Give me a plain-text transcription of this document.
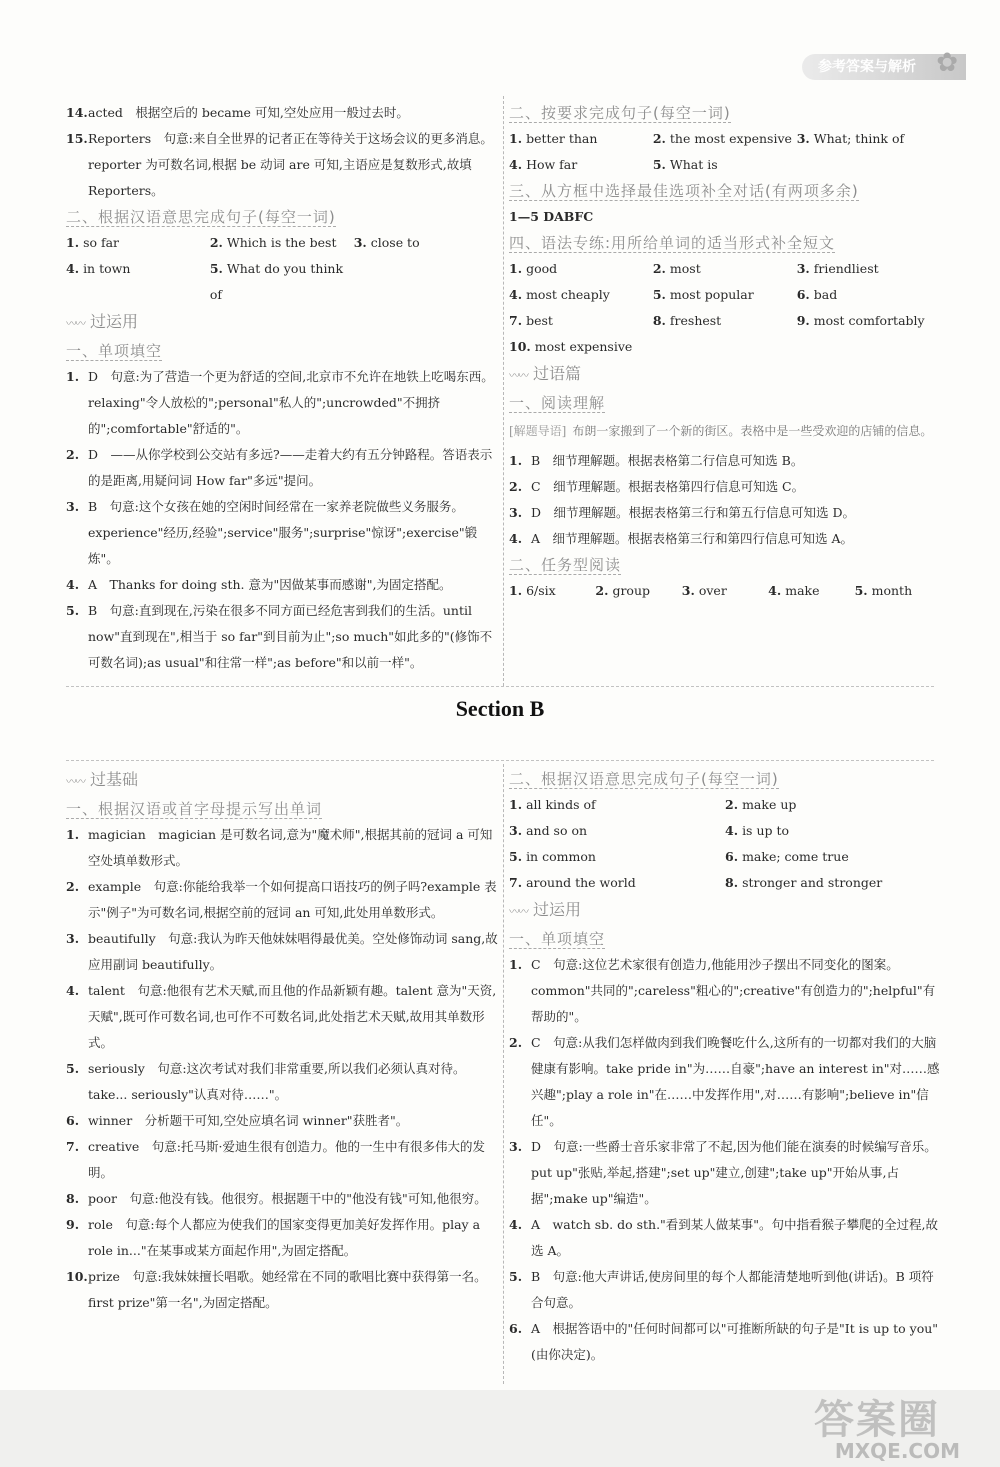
参考答案与解析 ✿
14. acted　根据空后的 became 可知,空处应用一般过去时。
15. Reporters　句意:来自全世界的记者正在等待关于这场会议的更多消息。reporter 为可数名词,根据 be 动词 are 可知,主语应是复数形式,故填 Reporters。
二、根据汉语意思完成句子(每空一词)
1. so far	2. Which is the best	3. close to
4. in town	5. What do you think of
〰〰 过运用
一、单项填空
1. D　句意:为了营造一个更为舒适的空间,北京市不允许在地铁上吃喝东西。relaxing"令人放松的";personal"私人的";uncrowded"不拥挤的";comfortable"舒适的"。
2. D　——从你学校到公交站有多远?——走着大约有五分钟路程。答语表示的是距离,用疑问词 How far"多远"提问。
3. B　句意:这个女孩在她的空闲时间经常在一家养老院做些义务服务。experience"经历,经验";service"服务";surprise"惊讶";exercise"锻炼"。
4. A　Thanks for doing sth. 意为"因做某事而感谢",为固定搭配。
5. B　句意:直到现在,污染在很多不同方面已经危害到我们的生活。until now"直到现在",相当于 so far"到目前为止";so much"如此多的"(修饰不可数名词);as usual"和往常一样";as before"和以前一样"。
二、按要求完成句子(每空一词)
1. better than	2. the most expensive 3. What; think of
4. How far	5. What is
三、从方框中选择最佳选项补全对话(有两项多余)
1—5 DABFC
四、语法专练:用所给单词的适当形式补全短文
1. good	2. most	3. friendliest
4. most cheaply	5. most popular	6. bad
7. best	8. freshest	9. most comfortably
10. most expensive
〰〰 过语篇
一、阅读理解
[解题导语] 布朗一家搬到了一个新的街区。表格中是一些受欢迎的店铺的信息。
1. B　细节理解题。根据表格第二行信息可知选 B。
2. C　细节理解题。根据表格第四行信息可知选 C。
3. D　细节理解题。根据表格第三行和第五行信息可知选 D。
4. A　细节理解题。根据表格第三行和第四行信息可知选 A。
二、任务型阅读
1. 6/six	2. group	3. over	4. make	5. month
Section B
〰〰 过基础
一、根据汉语或首字母提示写出单词
1. magician　magician 是可数名词,意为"魔术师",根据其前的冠词 a 可知空处填单数形式。
2. example　句意:你能给我举一个如何提高口语技巧的例子吗?example 表示"例子"为可数名词,根据空前的冠词 an 可知,此处用单数形式。
3. beautifully　句意:我认为昨天他妹妹唱得最优美。空处修饰动词 sang,故应用副词 beautifully。
4. talent　句意:他很有艺术天赋,而且他的作品新颖有趣。talent 意为"天资,天赋",既可作可数名词,也可作不可数名词,此处指艺术天赋,故用其单数形式。
5. seriously　句意:这次考试对我们非常重要,所以我们必须认真对待。take... seriously"认真对待……"。
6. winner　分析题干可知,空处应填名词 winner"获胜者"。
7. creative　句意:托马斯·爱迪生很有创造力。他的一生中有很多伟大的发明。
8. poor　句意:他没有钱。他很穷。根据题干中的"他没有钱"可知,他很穷。
9. role　句意:每个人都应为使我们的国家变得更加美好发挥作用。play a role in..."在某事或某方面起作用",为固定搭配。
10. prize　句意:我妹妹擅长唱歌。她经常在不同的歌唱比赛中获得第一名。first prize"第一名",为固定搭配。
二、根据汉语意思完成句子(每空一词)
1. all kinds of	2. make up
3. and so on	4. is up to
5. in common	6. make; come true
7. around the world	8. stronger and stronger
〰〰 过运用
一、单项填空
1. C　句意:这位艺术家很有创造力,他能用沙子摆出不同变化的图案。common"共同的";careless"粗心的";creative"有创造力的";helpful"有帮助的"。
2. C　句意:从我们怎样做肉到我们晚餐吃什么,这所有的一切都对我们的大脑健康有影响。take pride in"为……自豪";have an interest in"对……感兴趣";play a role in"在……中发挥作用",对……有影响";believe in"信任"。
3. D　句意:一些爵士音乐家非常了不起,因为他们能在演奏的时候编写音乐。put up"张贴,举起,搭建";set up"建立,创建";take up"开始从事,占据";make up"编造"。
4. A　watch sb. do sth."看到某人做某事"。句中指看猴子攀爬的全过程,故选 A。
5. B　句意:他大声讲话,使房间里的每个人都能清楚地听到他(讲话)。B 项符合句意。
6. A　根据答语中的"任何时间都可以"可推断所缺的句子是"It is up to you"(由你决定)。
答案圈
MXQE.COM
